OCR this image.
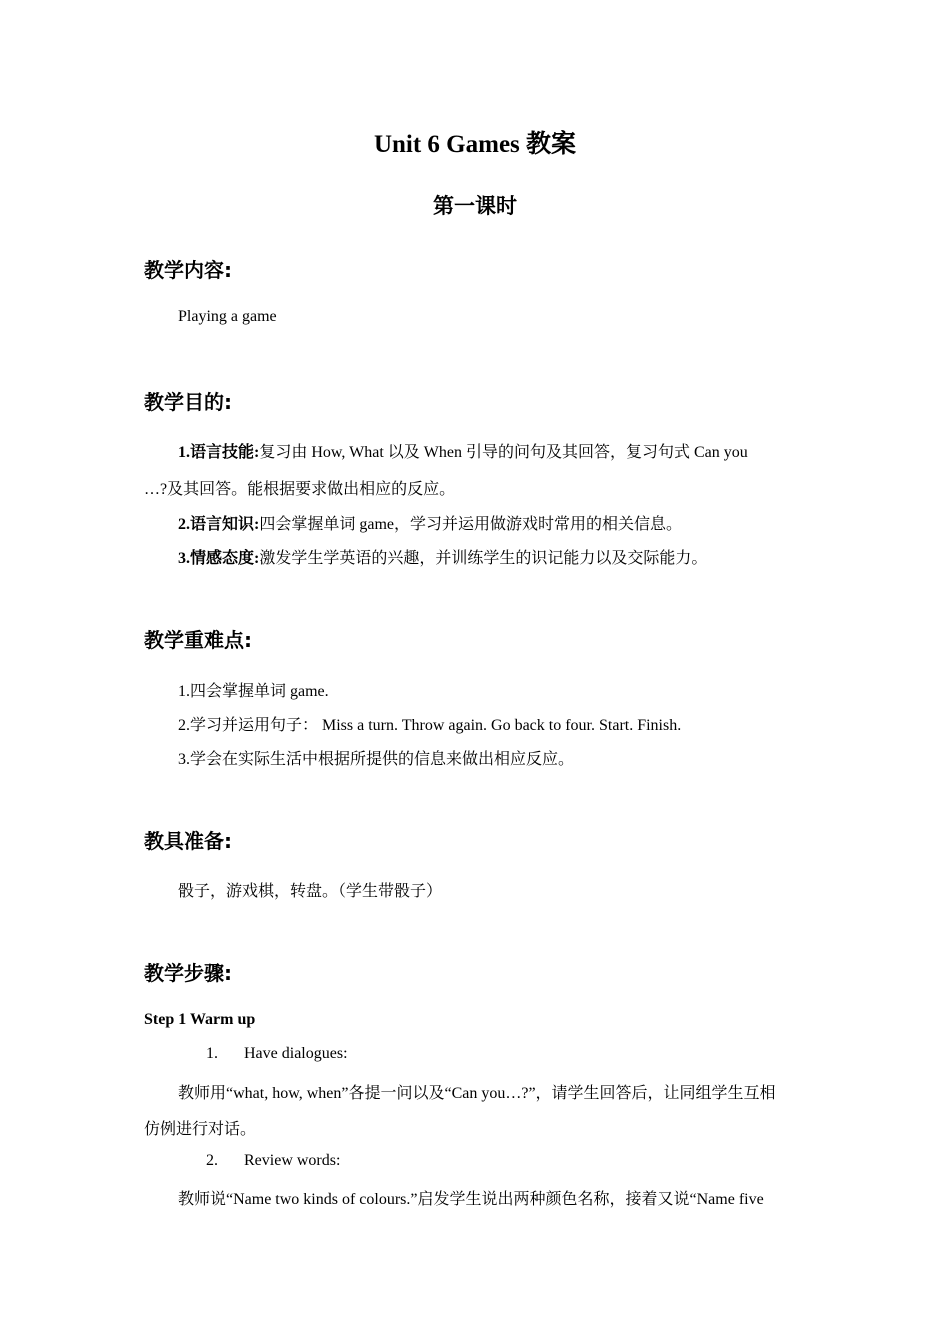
Unit 6 Games 教案
第一课时
教学内容:
Playing a game
教学目的:
1.语言技能:复习由 How, What 以及 When 引导的问句及其回答，复习句式 Can you
…?及其回答。能根据要求做出相应的反应。
2.语言知识:四会掌握单词 game，学习并运用做游戏时常用的相关信息。
3.情感态度:激发学生学英语的兴趣，并训练学生的识记能力以及交际能力。
教学重难点:
1.四会掌握单词 game.
2.学习并运用句子： Miss a turn. Throw again. Go back to four. Start. Finish.
3.学会在实际生活中根据所提供的信息来做出相应反应。
教具准备:
骰子，游戏棋，转盘。（学生带骰子）
教学步骤:
Step 1 Warm up
1. Have dialogues:
教师用“what, how, when”各提一问以及“Can you…?”，请学生回答后，让同组学生互相
仿例进行对话。
2. Review words:
教师说“Name two kinds of colours.”启发学生说出两种颜色名称，接着又说“Name five
